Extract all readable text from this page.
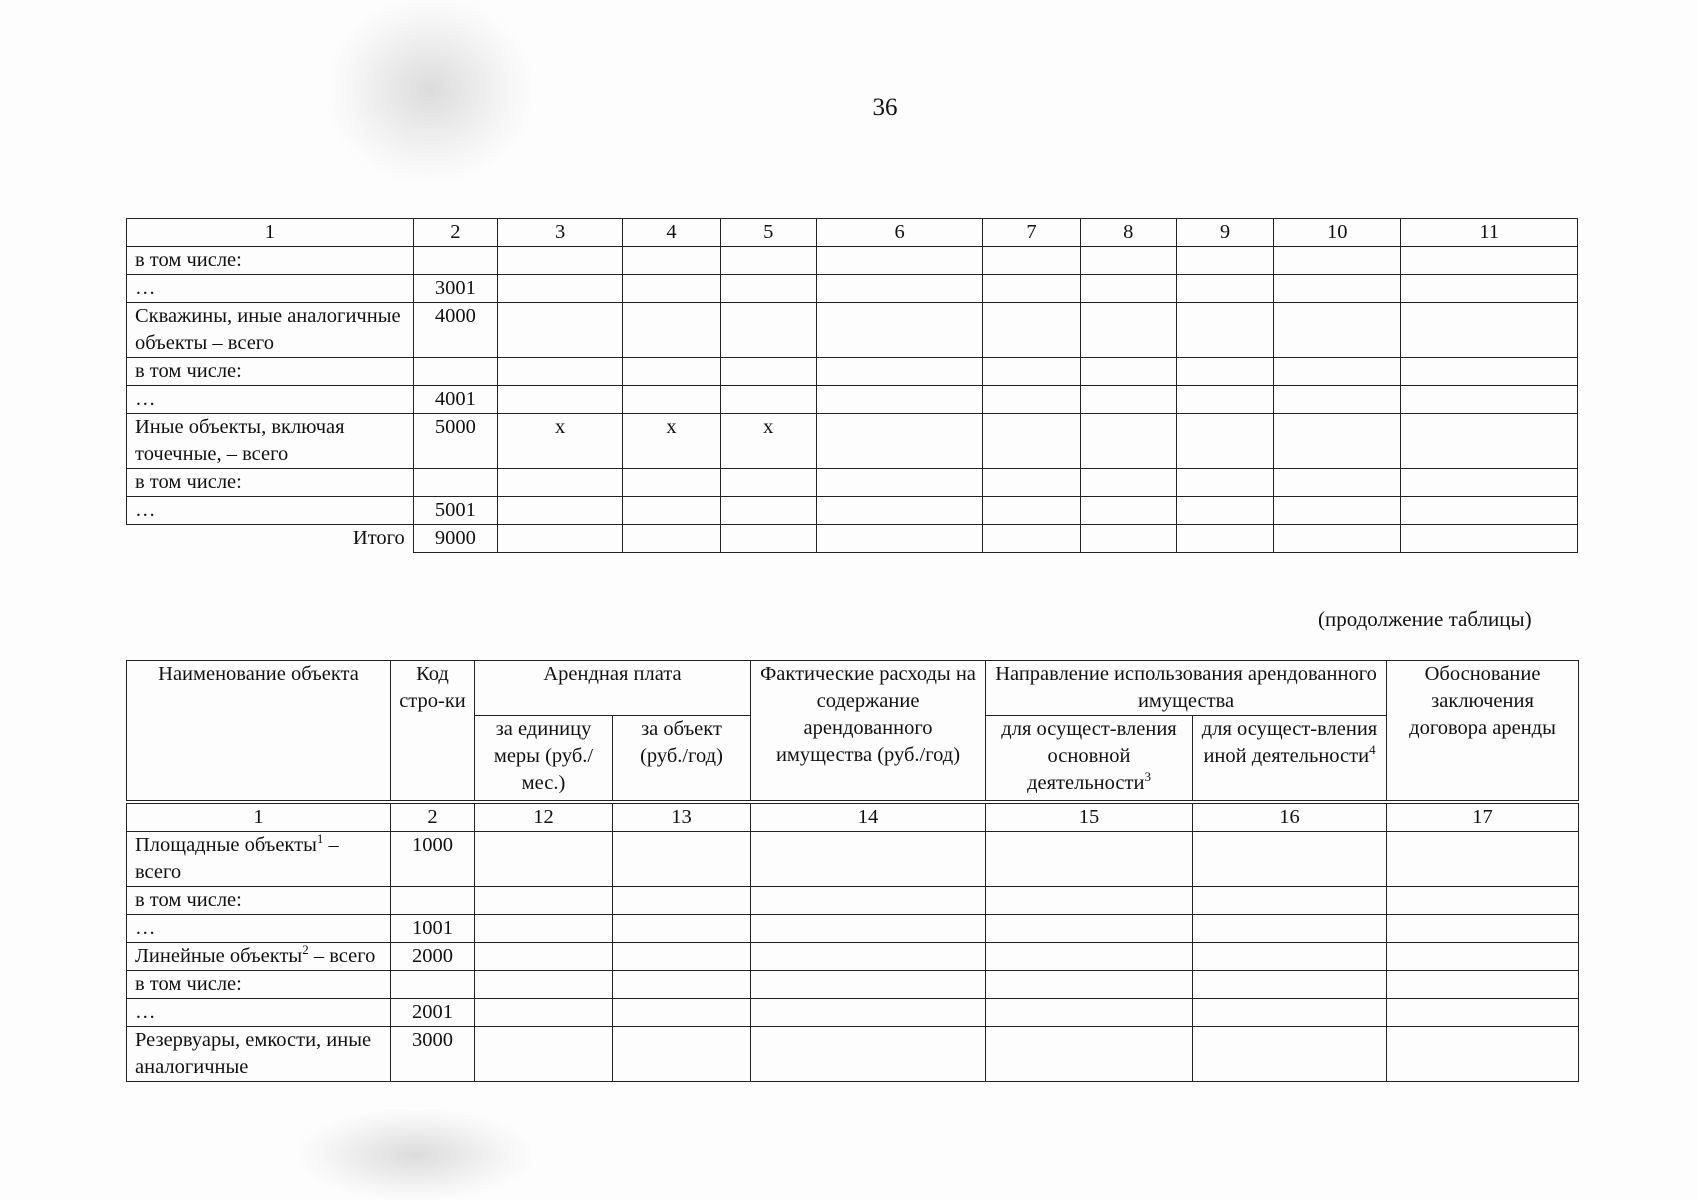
36
1	2	3	4	5	6	7	8	9	10	11
в том числе:										
…	3001									
Скважины, иные аналогичные объекты – всего	4000									
в том числе:										
…	4001									
Иные объекты, включая точечные, – всего	5000	x	x	x						
в том числе:										
…	5001									
Итого	9000									
(продолжение таблицы)
Наименование объекта	Код стро-ки	Арендная плата		Фактические расходы на содержание арендованного имущества (руб./год)	Направление использования арендованного имущества		Обоснование заключения договора аренды
		за единицу меры (руб./мес.)	за объект (руб./год)		для осущест-вления основной деятельности$^3$	для осущест-вления иной деятельности$^4$

1	2	12	13	14	15	16	17
Площадные объекты$^1$ – всего	1000						
в том числе:							
…	1001						
Линейные объекты$^2$ – всего	2000						
в том числе:							
…	2001						
Резервуары, емкости, иные аналогичные	3000						
